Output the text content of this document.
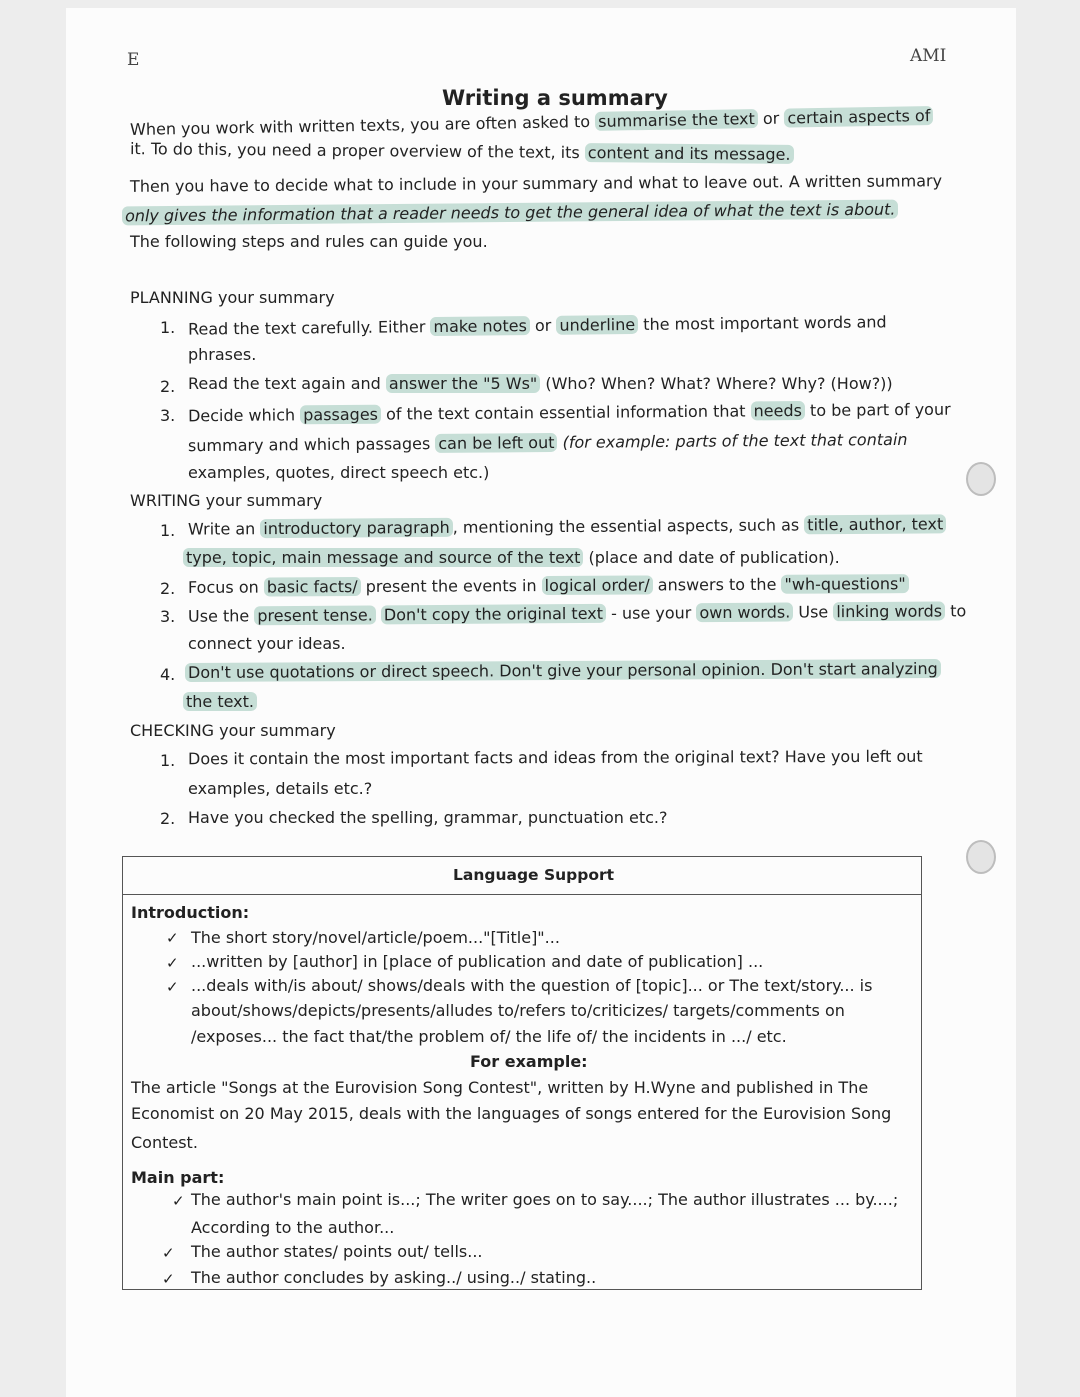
E	AMI
Writing a summary
When you work with written texts, you are often asked to summarise the text or certain aspects of
it. To do this, you need a proper overview of the text, its content and its message.
Then you have to decide what to include in your summary and what to leave out. A written summary
only gives the information that a reader needs to get the general idea of what the text is about.
The following steps and rules can guide you.
PLANNING your summary
1. Read the text carefully. Either make notes or underline the most important words and
phrases.
2. Read the text again and answer the "5 Ws" (Who? When? What? Where? Why? (How?))
3. Decide which passages of the text contain essential information that needs to be part of your
summary and which passages can be left out (for example: parts of the text that contain
examples, quotes, direct speech etc.)
WRITING your summary
1. Write an introductory paragraph , mentioning the essential aspects, such as title, author, text
type, topic, main message and source of the text (place and date of publication).
2. Focus on basic facts/ present the events in logical order/ answers to the "wh-questions"
3. Use the present tense. Don't copy the original text - use your own words. Use linking words to
connect your ideas.
4. Don't use quotations or direct speech. Don't give your personal opinion. Don't start analyzing
the text.
CHECKING your summary
1. Does it contain the most important facts and ideas from the original text? Have you left out
examples, details etc.?
2. Have you checked the spelling, grammar, punctuation etc.?
Language Support
Introduction:
✓ The short story/novel/article/poem..."[Title]"...
✓ ...written by [author] in [place of publication and date of publication] ...
✓ ...deals with/is about/ shows/deals with the question of [topic]... or The text/story... is
about/shows/depicts/presents/alludes to/refers to/criticizes/ targets/comments on
/exposes... the fact that/the problem of/ the life of/ the incidents in .../ etc.
For example:
The article "Songs at the Eurovision Song Contest", written by H.Wyne and published in The
Economist on 20 May 2015, deals with the languages of songs entered for the Eurovision Song
Contest.
Main part:
✓ The author's main point is...; The writer goes on to say....; The author illustrates ... by....;
According to the author...
✓ The author states/ points out/ tells...
✓ The author concludes by asking../ using../ stating..
